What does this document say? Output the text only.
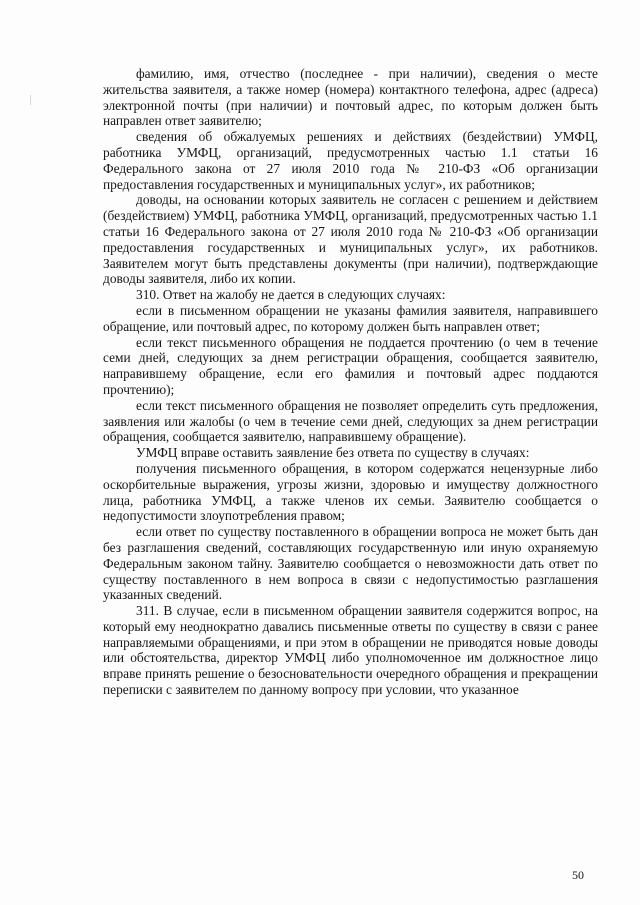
фамилию, имя, отчество (последнее - при наличии), сведения о месте жительства заявителя, а также номер (номера) контактного телефона, адрес (адреса) электронной почты (при наличии) и почтовый адрес, по которым должен быть направлен ответ заявителю;

сведения об обжалуемых решениях и действиях (бездействии) УМФЦ, работника УМФЦ, организаций, предусмотренных частью 1.1 статьи 16 Федерального закона от 27 июля 2010 года № 210-ФЗ «Об организации предоставления государственных и муниципальных услуг», их работников;

доводы, на основании которых заявитель не согласен с решением и действием (бездействием) УМФЦ, работника УМФЦ, организаций, предусмотренных частью 1.1 статьи 16 Федерального закона от 27 июля 2010 года № 210-ФЗ «Об организации предоставления государственных и муниципальных услуг», их работников. Заявителем могут быть представлены документы (при наличии), подтверждающие доводы заявителя, либо их копии.

310. Ответ на жалобу не дается в следующих случаях:

если в письменном обращении не указаны фамилия заявителя, направившего обращение, или почтовый адрес, по которому должен быть направлен ответ;

если текст письменного обращения не поддается прочтению (о чем в течение семи дней, следующих за днем регистрации обращения, сообщается заявителю, направившему обращение, если его фамилия и почтовый адрес поддаются прочтению);

если текст письменного обращения не позволяет определить суть предложения, заявления или жалобы (о чем в течение семи дней, следующих за днем регистрации обращения, сообщается заявителю, направившему обращение).

УМФЦ вправе оставить заявление без ответа по существу в случаях:

получения письменного обращения, в котором содержатся нецензурные либо оскорбительные выражения, угрозы жизни, здоровью и имуществу должностного лица, работника УМФЦ, а также членов их семьи. Заявителю сообщается о недопустимости злоупотребления правом;

если ответ по существу поставленного в обращении вопроса не может быть дан без разглашения сведений, составляющих государственную или иную охраняемую Федеральным законом тайну. Заявителю сообщается о невозможности дать ответ по существу поставленного в нем вопроса в связи с недопустимостью разглашения указанных сведений.

311. В случае, если в письменном обращении заявителя содержится вопрос, на который ему неоднократно давались письменные ответы по существу в связи с ранее направляемыми обращениями, и при этом в обращении не приводятся новые доводы или обстоятельства, директор УМФЦ либо уполномоченное им должностное лицо вправе принять решение о безосновательности очередного обращения и прекращении переписки с заявителем по данному вопросу при условии, что указанное

50
